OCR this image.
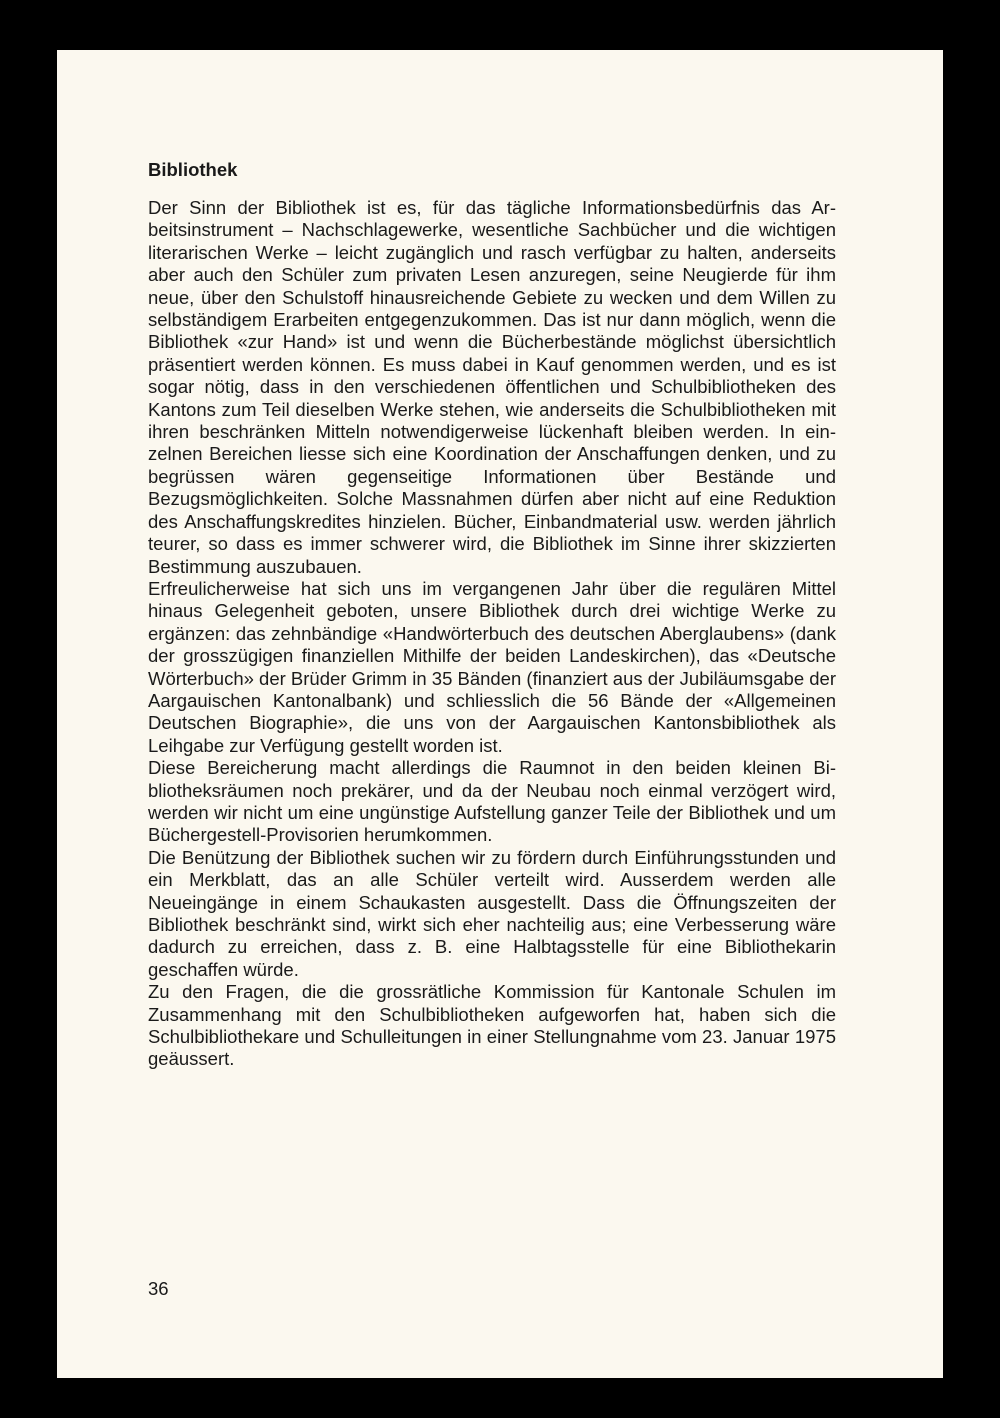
Bibliothek

Der Sinn der Bibliothek ist es, für das tägliche Informationsbedürfnis das Arbeitsinstrument – Nachschlagewerke, wesentliche Sachbücher und die wichtigen literarischen Werke – leicht zugänglich und rasch verfügbar zu halten, anderseits aber auch den Schüler zum privaten Lesen anzuregen, seine Neugierde für ihm neue, über den Schulstoff hinausreichende Gebiete zu wecken und dem Willen zu selbständigem Erarbeiten entgegenzukommen. Das ist nur dann möglich, wenn die Bibliothek «zur Hand» ist und wenn die Bücherbestände möglichst übersichtlich präsentiert werden können. Es muss dabei in Kauf genommen werden, und es ist sogar nötig, dass in den verschiedenen öffentlichen und Schulbibliotheken des Kantons zum Teil dieselben Werke stehen, wie anderseits die Schulbibliotheken mit ihren beschränken Mitteln notwendigerweise lückenhaft bleiben werden. In einzelnen Bereichen liesse sich eine Koordination der Anschaffungen denken, und zu begrüssen wären gegenseitige Informationen über Bestände und Bezugsmöglichkeiten. Solche Massnahmen dürfen aber nicht auf eine Reduktion des Anschaffungskredites hinzielen. Bücher, Einbandmaterial usw. werden jährlich teurer, so dass es immer schwerer wird, die Bibliothek im Sinne ihrer skizzierten Bestimmung auszubauen.

Erfreulicherweise hat sich uns im vergangenen Jahr über die regulären Mittel hinaus Gelegenheit geboten, unsere Bibliothek durch drei wichtige Werke zu ergänzen: das zehnbändige «Handwörterbuch des deutschen Aberglaubens» (dank der grosszügigen finanziellen Mithilfe der beiden Landeskirchen), das «Deutsche Wörterbuch» der Brüder Grimm in 35 Bänden (finanziert aus der Jubiläumsgabe der Aargauischen Kantonalbank) und schliesslich die 56 Bände der «Allgemeinen Deutschen Biographie», die uns von der Aargauischen Kantonsbibliothek als Leihgabe zur Verfügung gestellt worden ist.

Diese Bereicherung macht allerdings die Raumnot in den beiden kleinen Bibliotheksräumen noch prekärer, und da der Neubau noch einmal verzögert wird, werden wir nicht um eine ungünstige Aufstellung ganzer Teile der Bibliothek und um Büchergestell-Provisorien herumkommen.

Die Benützung der Bibliothek suchen wir zu fördern durch Einführungsstunden und ein Merkblatt, das an alle Schüler verteilt wird. Ausserdem werden alle Neueingänge in einem Schaukasten ausgestellt. Dass die Öffnungszeiten der Bibliothek beschränkt sind, wirkt sich eher nachteilig aus; eine Verbesserung wäre dadurch zu erreichen, dass z. B. eine Halbtagsstelle für eine Bibliothekarin geschaffen würde.

Zu den Fragen, die die grossrätliche Kommission für Kantonale Schulen im Zusammenhang mit den Schulbibliotheken aufgeworfen hat, haben sich die Schulbibliothekare und Schulleitungen in einer Stellungnahme vom 23. Januar 1975 geäussert.

36
